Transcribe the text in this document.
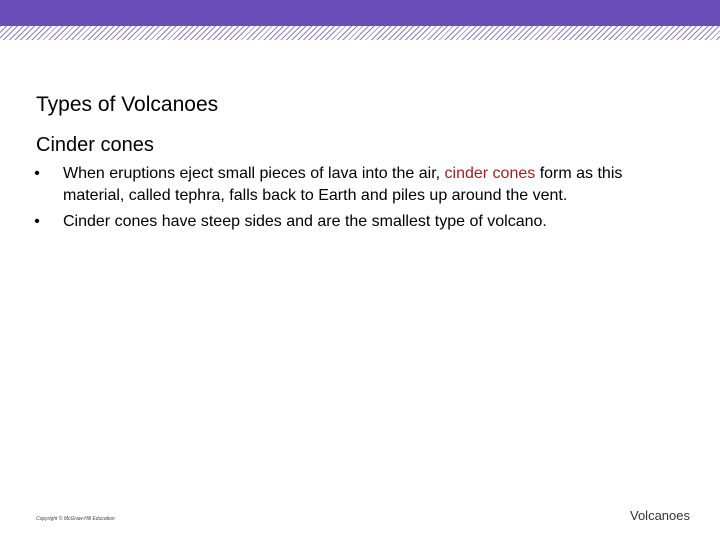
Types of Volcanoes
Cinder cones
• When eruptions eject small pieces of lava into the air, cinder cones form as this material, called tephra, falls back to Earth and piles up around the vent.
• Cinder cones have steep sides and are the smallest type of volcano.
Copyright © McGraw-Hill Education	Volcanoes
